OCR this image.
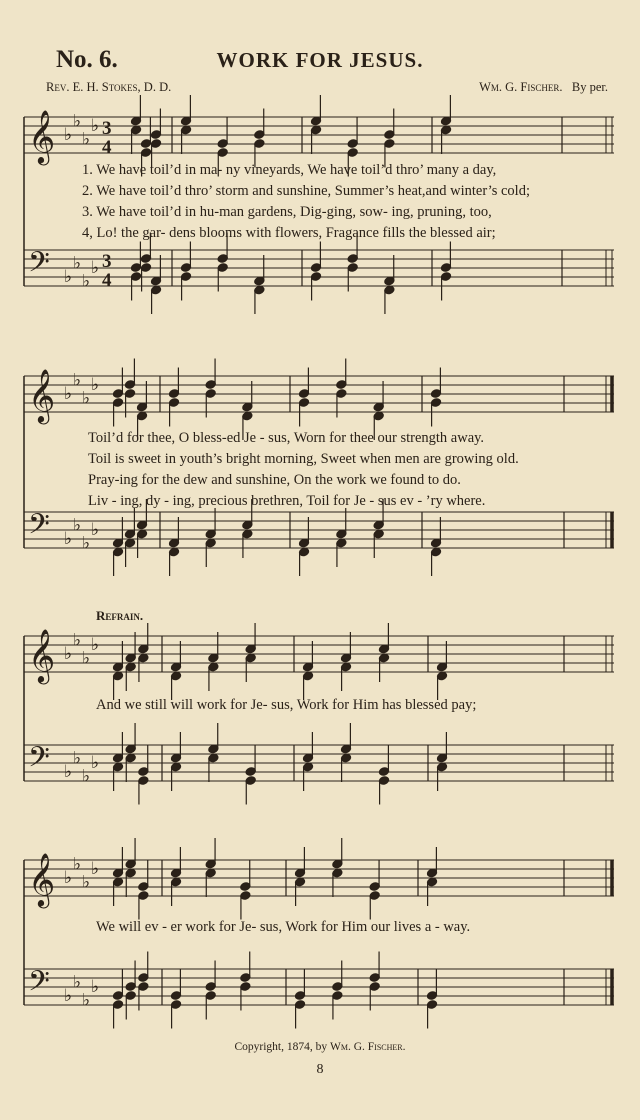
No. 6.	WORK FOR JESUS.
Rev. E. H. Stokes, D. D.	Wm. G. Fischer. By per.
𝄞 ♭
♭
♭
♭ 3
4
𝄢 ♭
♭
♭
♭ 3
4
𝄞 ♭
♭
♭
♭
𝄢 ♭
♭
♭
♭
𝄞 ♭
♭
♭
♭
𝄢 ♭
♭
♭
♭
𝄞 ♭
♭
♭
♭
𝄢 ♭
♭
♭
♭
1. We have toil’d in ma- ny vineyards, We have toil’d thro’ many a day,
2. We have toil’d thro’ storm and sunshine, Summer’s heat,and winter’s cold;
3. We have toil’d in hu-man gardens, Dig-ging, sow- ing, pruning, too,
4, Lo! the gar- dens blooms with flowers, Fragance fills the blessed air;
Toil’d for thee, O bless-ed Je - sus, Worn for thee our strength away.
Toil is sweet in youth’s bright morning, Sweet when men are growing old.
Pray-ing for the dew and sunshine, On the work we found to do.
Liv - ing, dy - ing, precious brethren, Toil for Je - sus ev - ’ry where.
Refrain.
And we still will work for Je- sus, Work for Him has blessed pay;
We will ev - er work for Je- sus, Work for Him our lives a - way.
Copyright, 1874, by Wm. G. Fischer.
8
